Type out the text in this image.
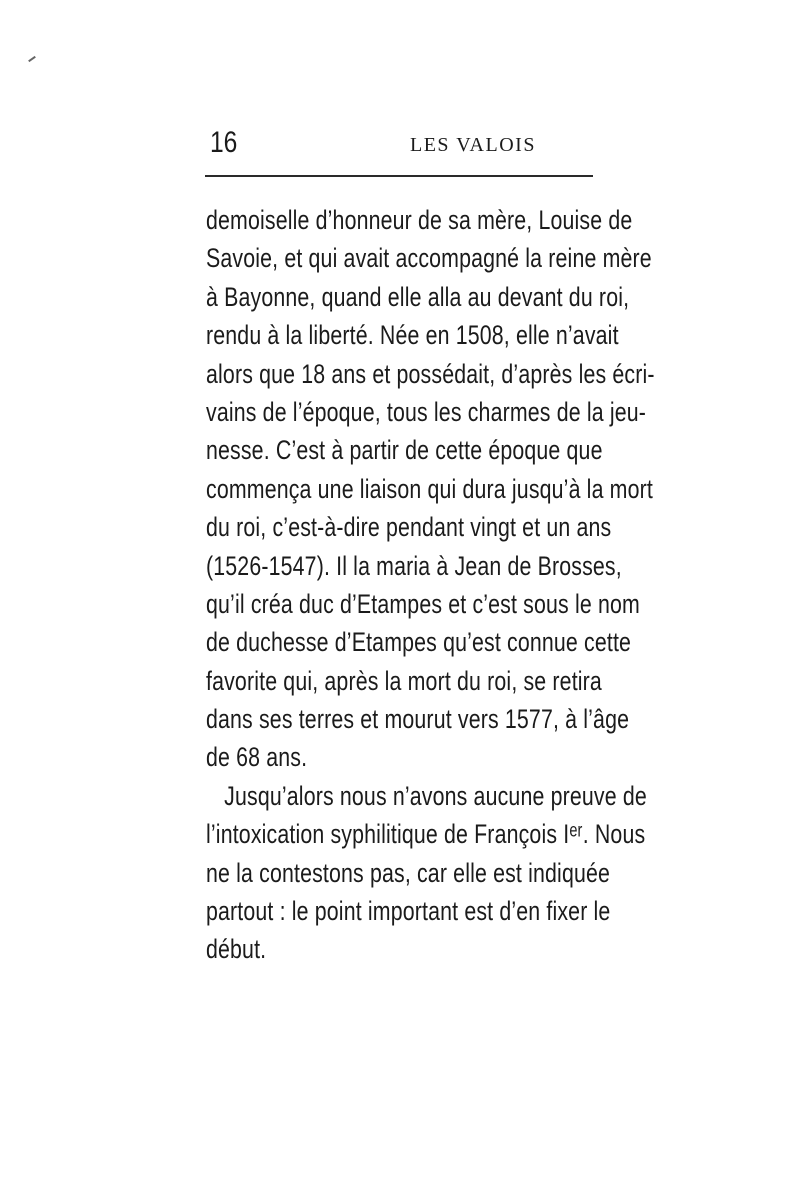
16	LES VALOIS
demoiselle d’honneur de sa mère, Louise de
Savoie, et qui avait accompagné la reine mère
à Bayonne, quand elle alla au devant du roi,
rendu à la liberté. Née en 1508, elle n’avait
alors que 18 ans et possédait, d’après les écri-
vains de l’époque, tous les charmes de la jeu-
nesse. C’est à partir de cette époque que
commença une liaison qui dura jusqu’à la mort
du roi, c’est-à-dire pendant vingt et un ans
(1526-1547). Il la maria à Jean de Brosses,
qu’il créa duc d’Etampes et c’est sous le nom
de duchesse d’Etampes qu’est connue cette
favorite qui, après la mort du roi, se retira
dans ses terres et mourut vers 1577, à l’âge
de 68 ans.
Jusqu’alors nous n’avons aucune preuve de
l’intoxication syphilitique de François Iᵉʳ. Nous
ne la contestons pas, car elle est indiquée
partout : le point important est d’en fixer le
début.
